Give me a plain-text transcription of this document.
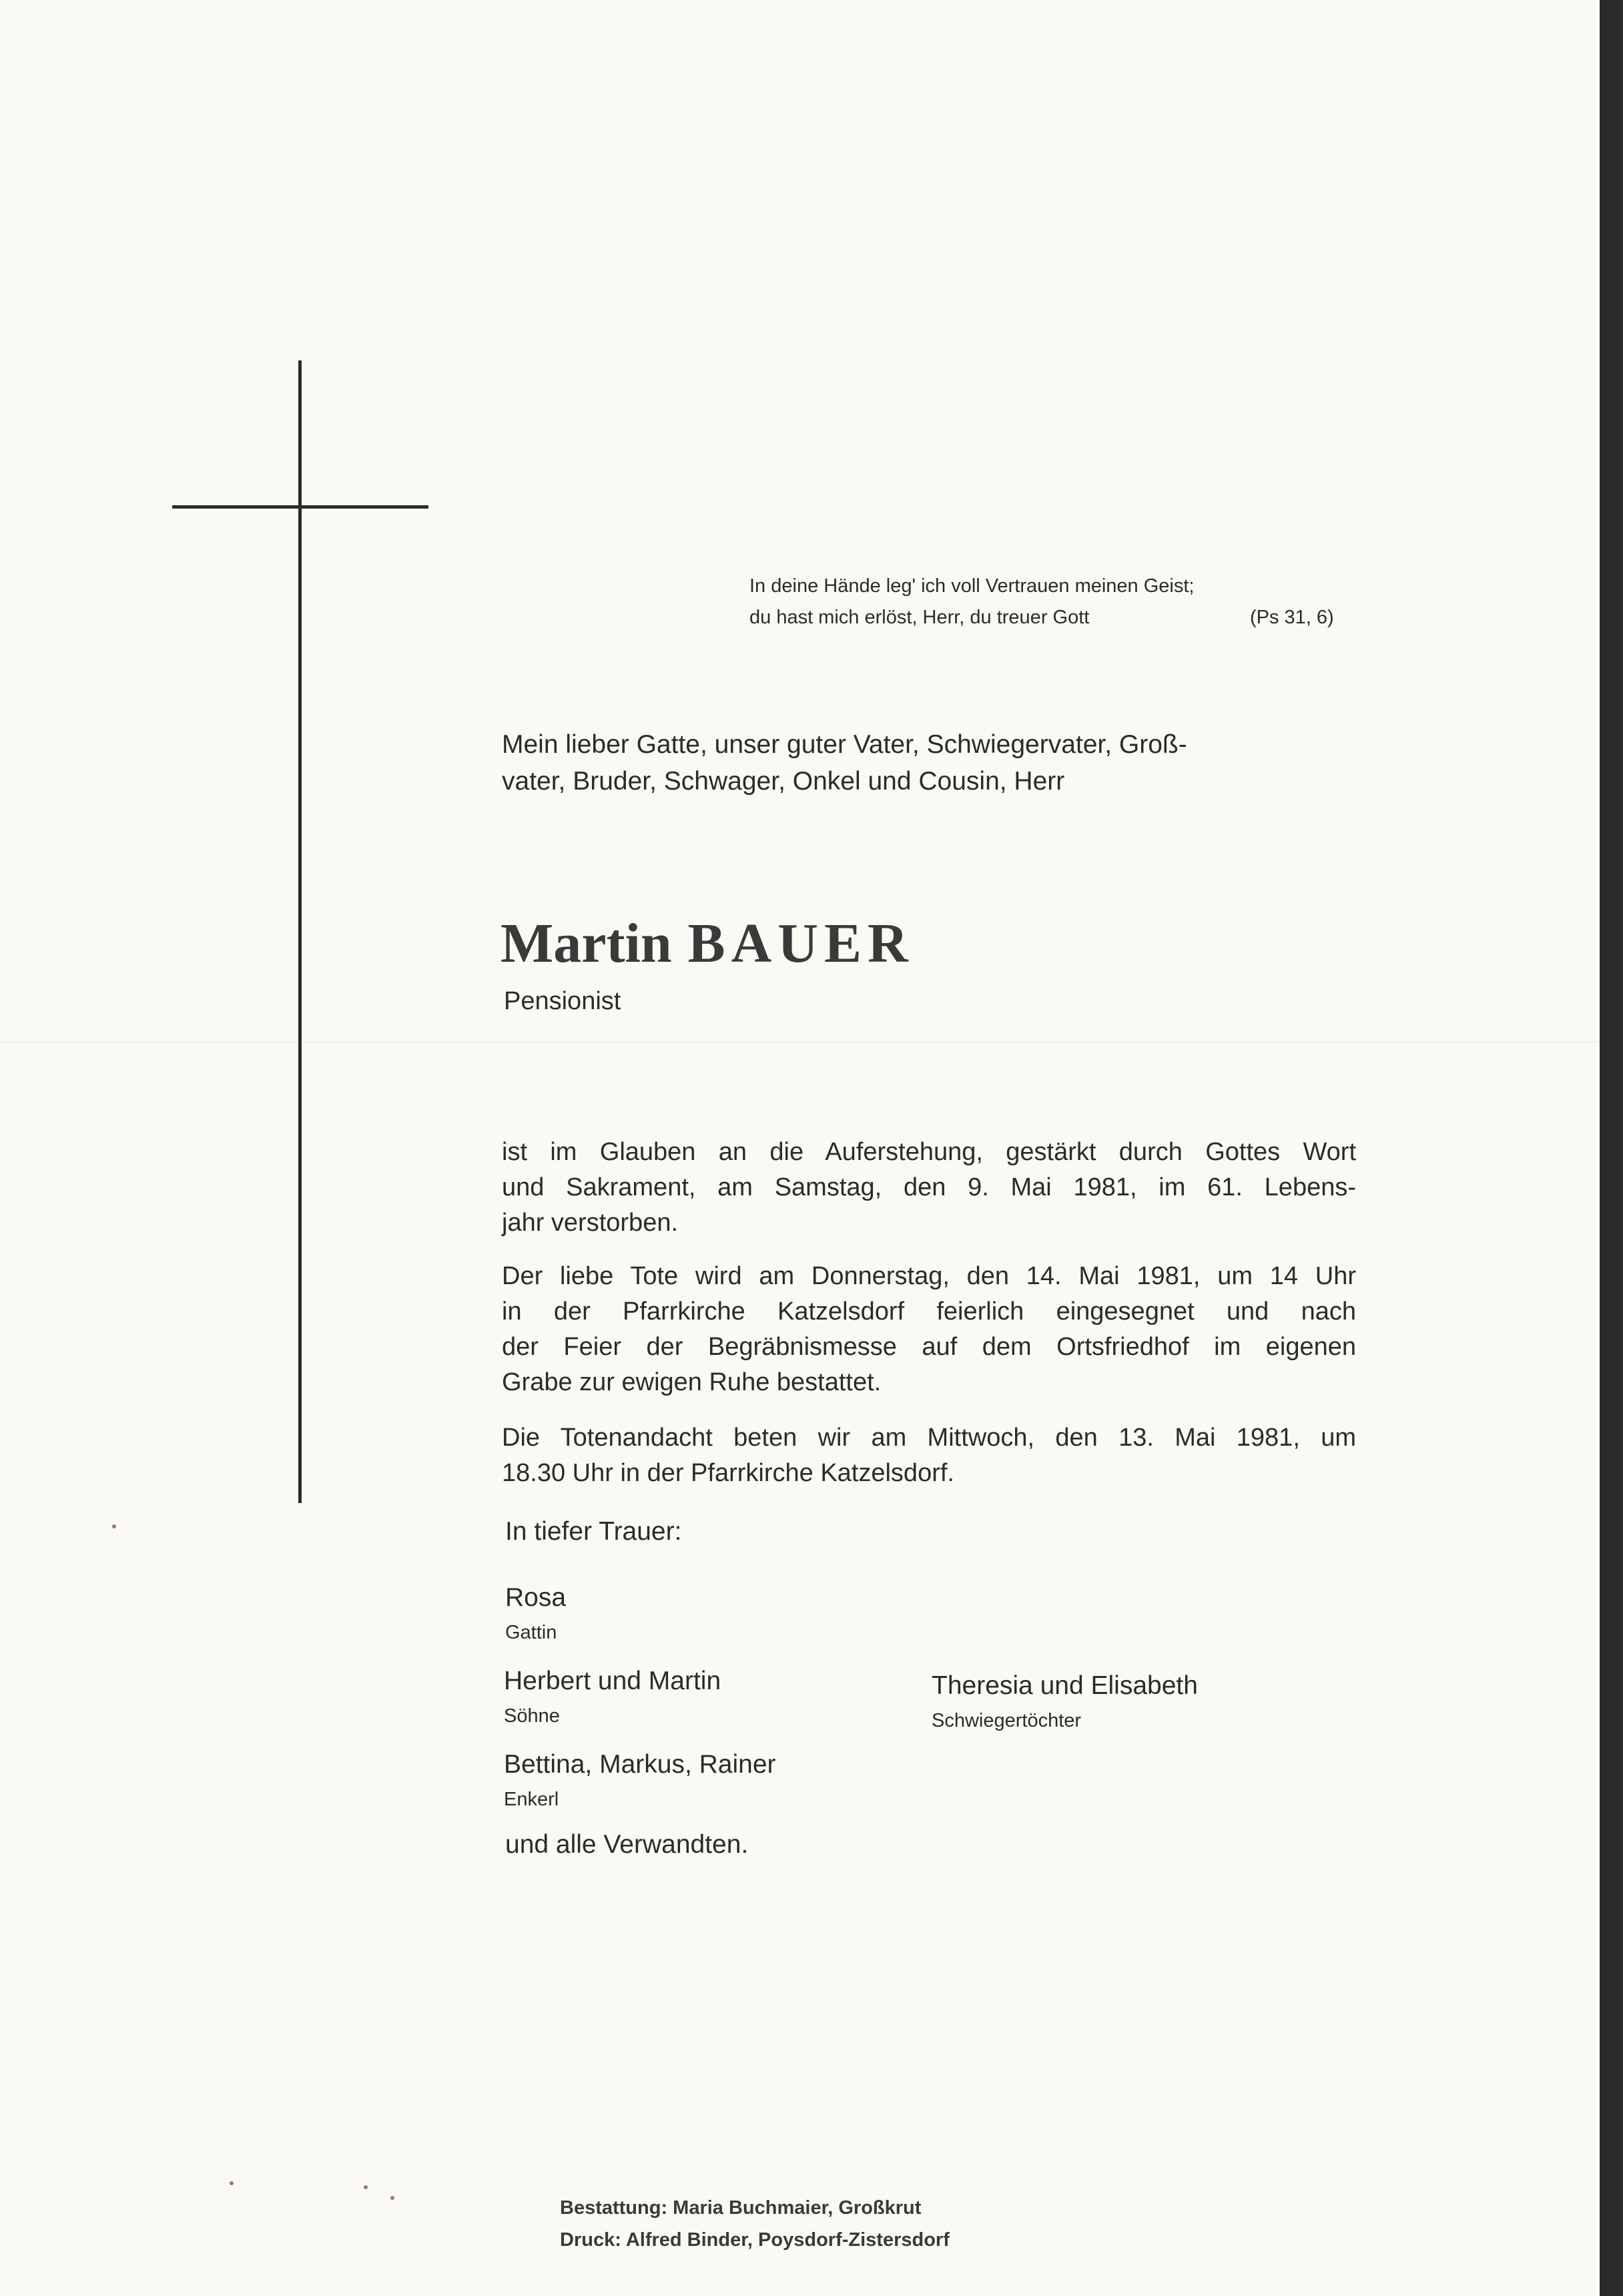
In deine Hände leg' ich voll Vertrauen meinen Geist;
du hast mich erlöst, Herr, du treuer Gott	(Ps 31, 6)
Mein lieber Gatte, unser guter Vater, Schwiegervater, Groß-
vater, Bruder, Schwager, Onkel und Cousin, Herr
Martin BAUER
Pensionist
ist im Glauben an die Auferstehung, gestärkt durch Gottes Wort
und Sakrament, am Samstag, den 9. Mai 1981, im 61. Lebens-
jahr verstorben.
Der liebe Tote wird am Donnerstag, den 14. Mai 1981, um 14 Uhr
in der Pfarrkirche Katzelsdorf feierlich eingesegnet und nach
der Feier der Begräbnismesse auf dem Ortsfriedhof im eigenen
Grabe zur ewigen Ruhe bestattet.
Die Totenandacht beten wir am Mittwoch, den 13. Mai 1981, um
18.30 Uhr in der Pfarrkirche Katzelsdorf.
In tiefer Trauer:
Rosa
Gattin
Herbert und Martin
Söhne
Theresia und Elisabeth
Schwiegertöchter
Bettina, Markus, Rainer
Enkerl
und alle Verwandten.
Bestattung: Maria Buchmaier, Großkrut
Druck: Alfred Binder, Poysdorf-Zistersdorf
